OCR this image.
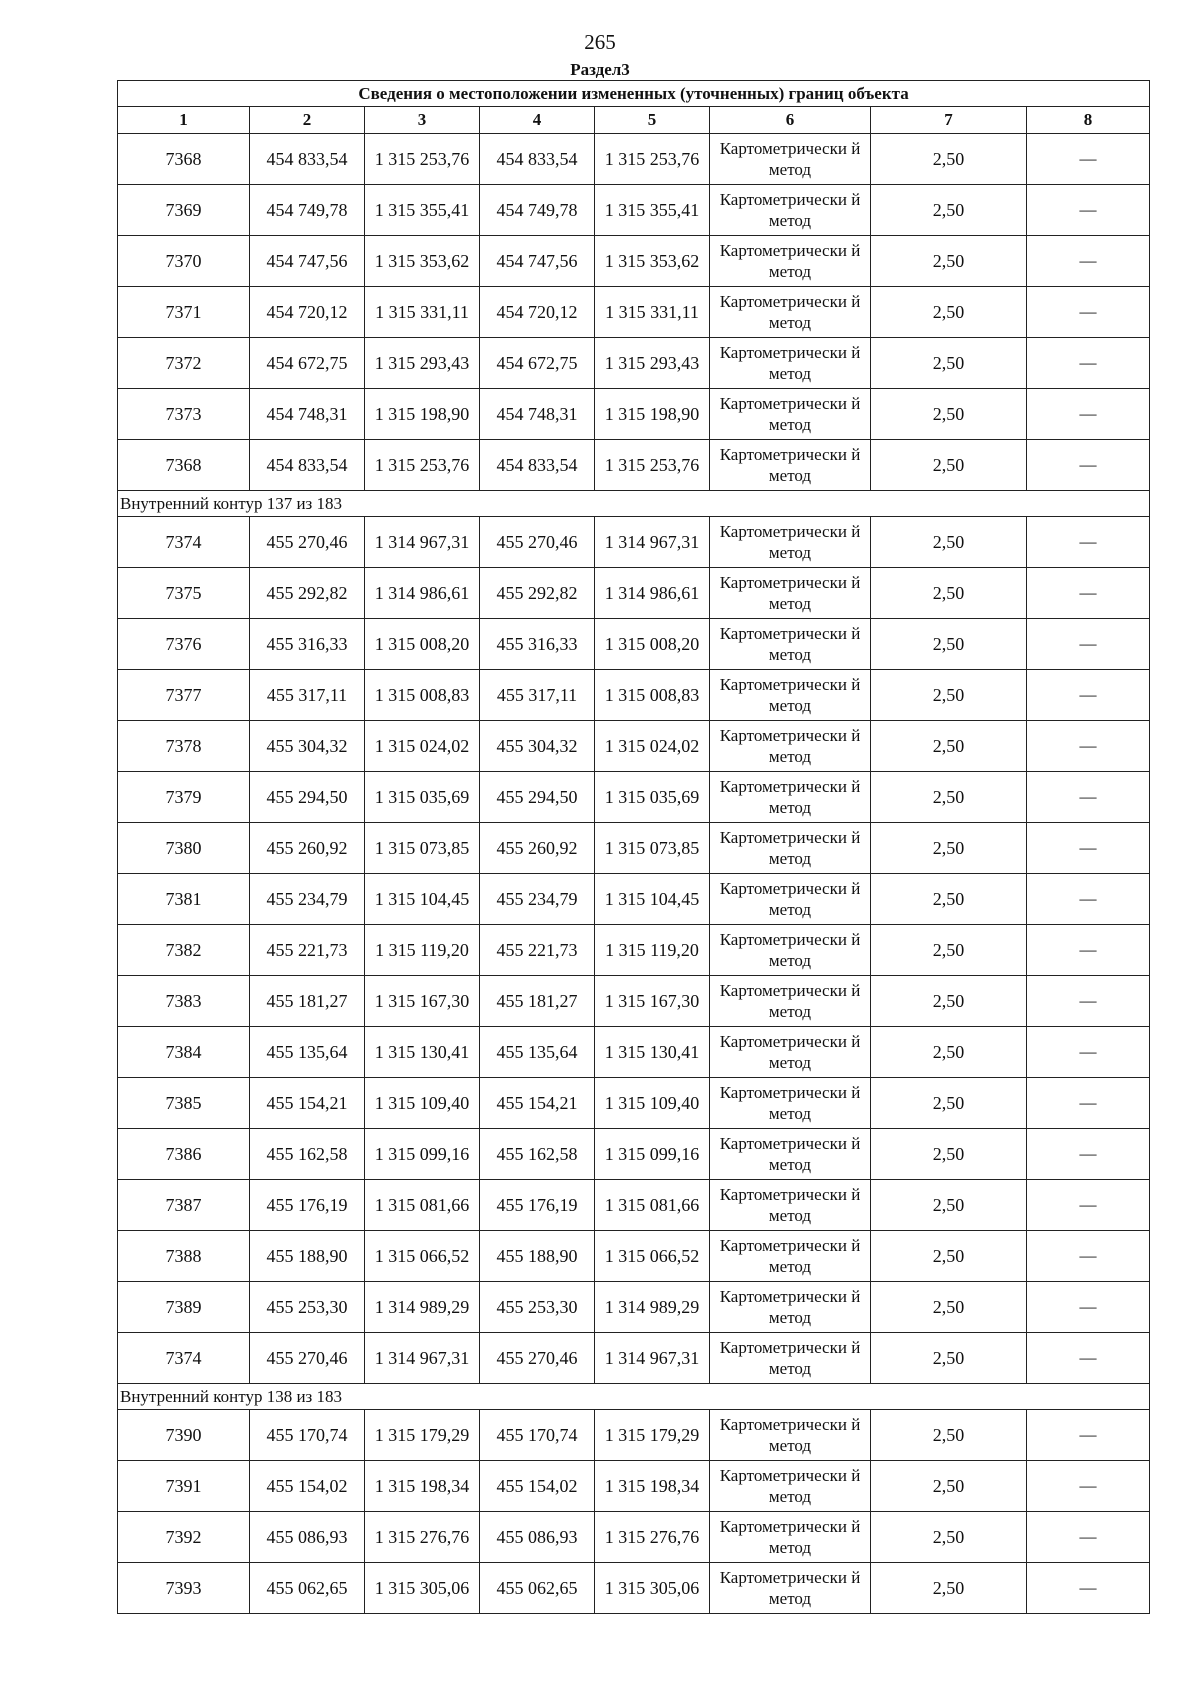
265
Раздел3
Сведения о местоположении измененных (уточненных) границ объекта							
1	2	3	4	5	6	7	8
7368	454 833,54	1 315 253,76	454 833,54	1 315 253,76	Картометрически й метод	2,50	—
7369	454 749,78	1 315 355,41	454 749,78	1 315 355,41	Картометрически й метод	2,50	—
7370	454 747,56	1 315 353,62	454 747,56	1 315 353,62	Картометрически й метод	2,50	—
7371	454 720,12	1 315 331,11	454 720,12	1 315 331,11	Картометрически й метод	2,50	—
7372	454 672,75	1 315 293,43	454 672,75	1 315 293,43	Картометрически й метод	2,50	—
7373	454 748,31	1 315 198,90	454 748,31	1 315 198,90	Картометрически й метод	2,50	—
7368	454 833,54	1 315 253,76	454 833,54	1 315 253,76	Картометрически й метод	2,50	—
Внутренний контур 137 из 183							
7374	455 270,46	1 314 967,31	455 270,46	1 314 967,31	Картометрически й метод	2,50	—
7375	455 292,82	1 314 986,61	455 292,82	1 314 986,61	Картометрически й метод	2,50	—
7376	455 316,33	1 315 008,20	455 316,33	1 315 008,20	Картометрически й метод	2,50	—
7377	455 317,11	1 315 008,83	455 317,11	1 315 008,83	Картометрически й метод	2,50	—
7378	455 304,32	1 315 024,02	455 304,32	1 315 024,02	Картометрически й метод	2,50	—
7379	455 294,50	1 315 035,69	455 294,50	1 315 035,69	Картометрически й метод	2,50	—
7380	455 260,92	1 315 073,85	455 260,92	1 315 073,85	Картометрически й метод	2,50	—
7381	455 234,79	1 315 104,45	455 234,79	1 315 104,45	Картометрически й метод	2,50	—
7382	455 221,73	1 315 119,20	455 221,73	1 315 119,20	Картометрически й метод	2,50	—
7383	455 181,27	1 315 167,30	455 181,27	1 315 167,30	Картометрически й метод	2,50	—
7384	455 135,64	1 315 130,41	455 135,64	1 315 130,41	Картометрически й метод	2,50	—
7385	455 154,21	1 315 109,40	455 154,21	1 315 109,40	Картометрически й метод	2,50	—
7386	455 162,58	1 315 099,16	455 162,58	1 315 099,16	Картометрически й метод	2,50	—
7387	455 176,19	1 315 081,66	455 176,19	1 315 081,66	Картометрически й метод	2,50	—
7388	455 188,90	1 315 066,52	455 188,90	1 315 066,52	Картометрически й метод	2,50	—
7389	455 253,30	1 314 989,29	455 253,30	1 314 989,29	Картометрически й метод	2,50	—
7374	455 270,46	1 314 967,31	455 270,46	1 314 967,31	Картометрически й метод	2,50	—
Внутренний контур 138 из 183							
7390	455 170,74	1 315 179,29	455 170,74	1 315 179,29	Картометрически й метод	2,50	—
7391	455 154,02	1 315 198,34	455 154,02	1 315 198,34	Картометрически й метод	2,50	—
7392	455 086,93	1 315 276,76	455 086,93	1 315 276,76	Картометрически й метод	2,50	—
7393	455 062,65	1 315 305,06	455 062,65	1 315 305,06	Картометрически й метод	2,50	—
